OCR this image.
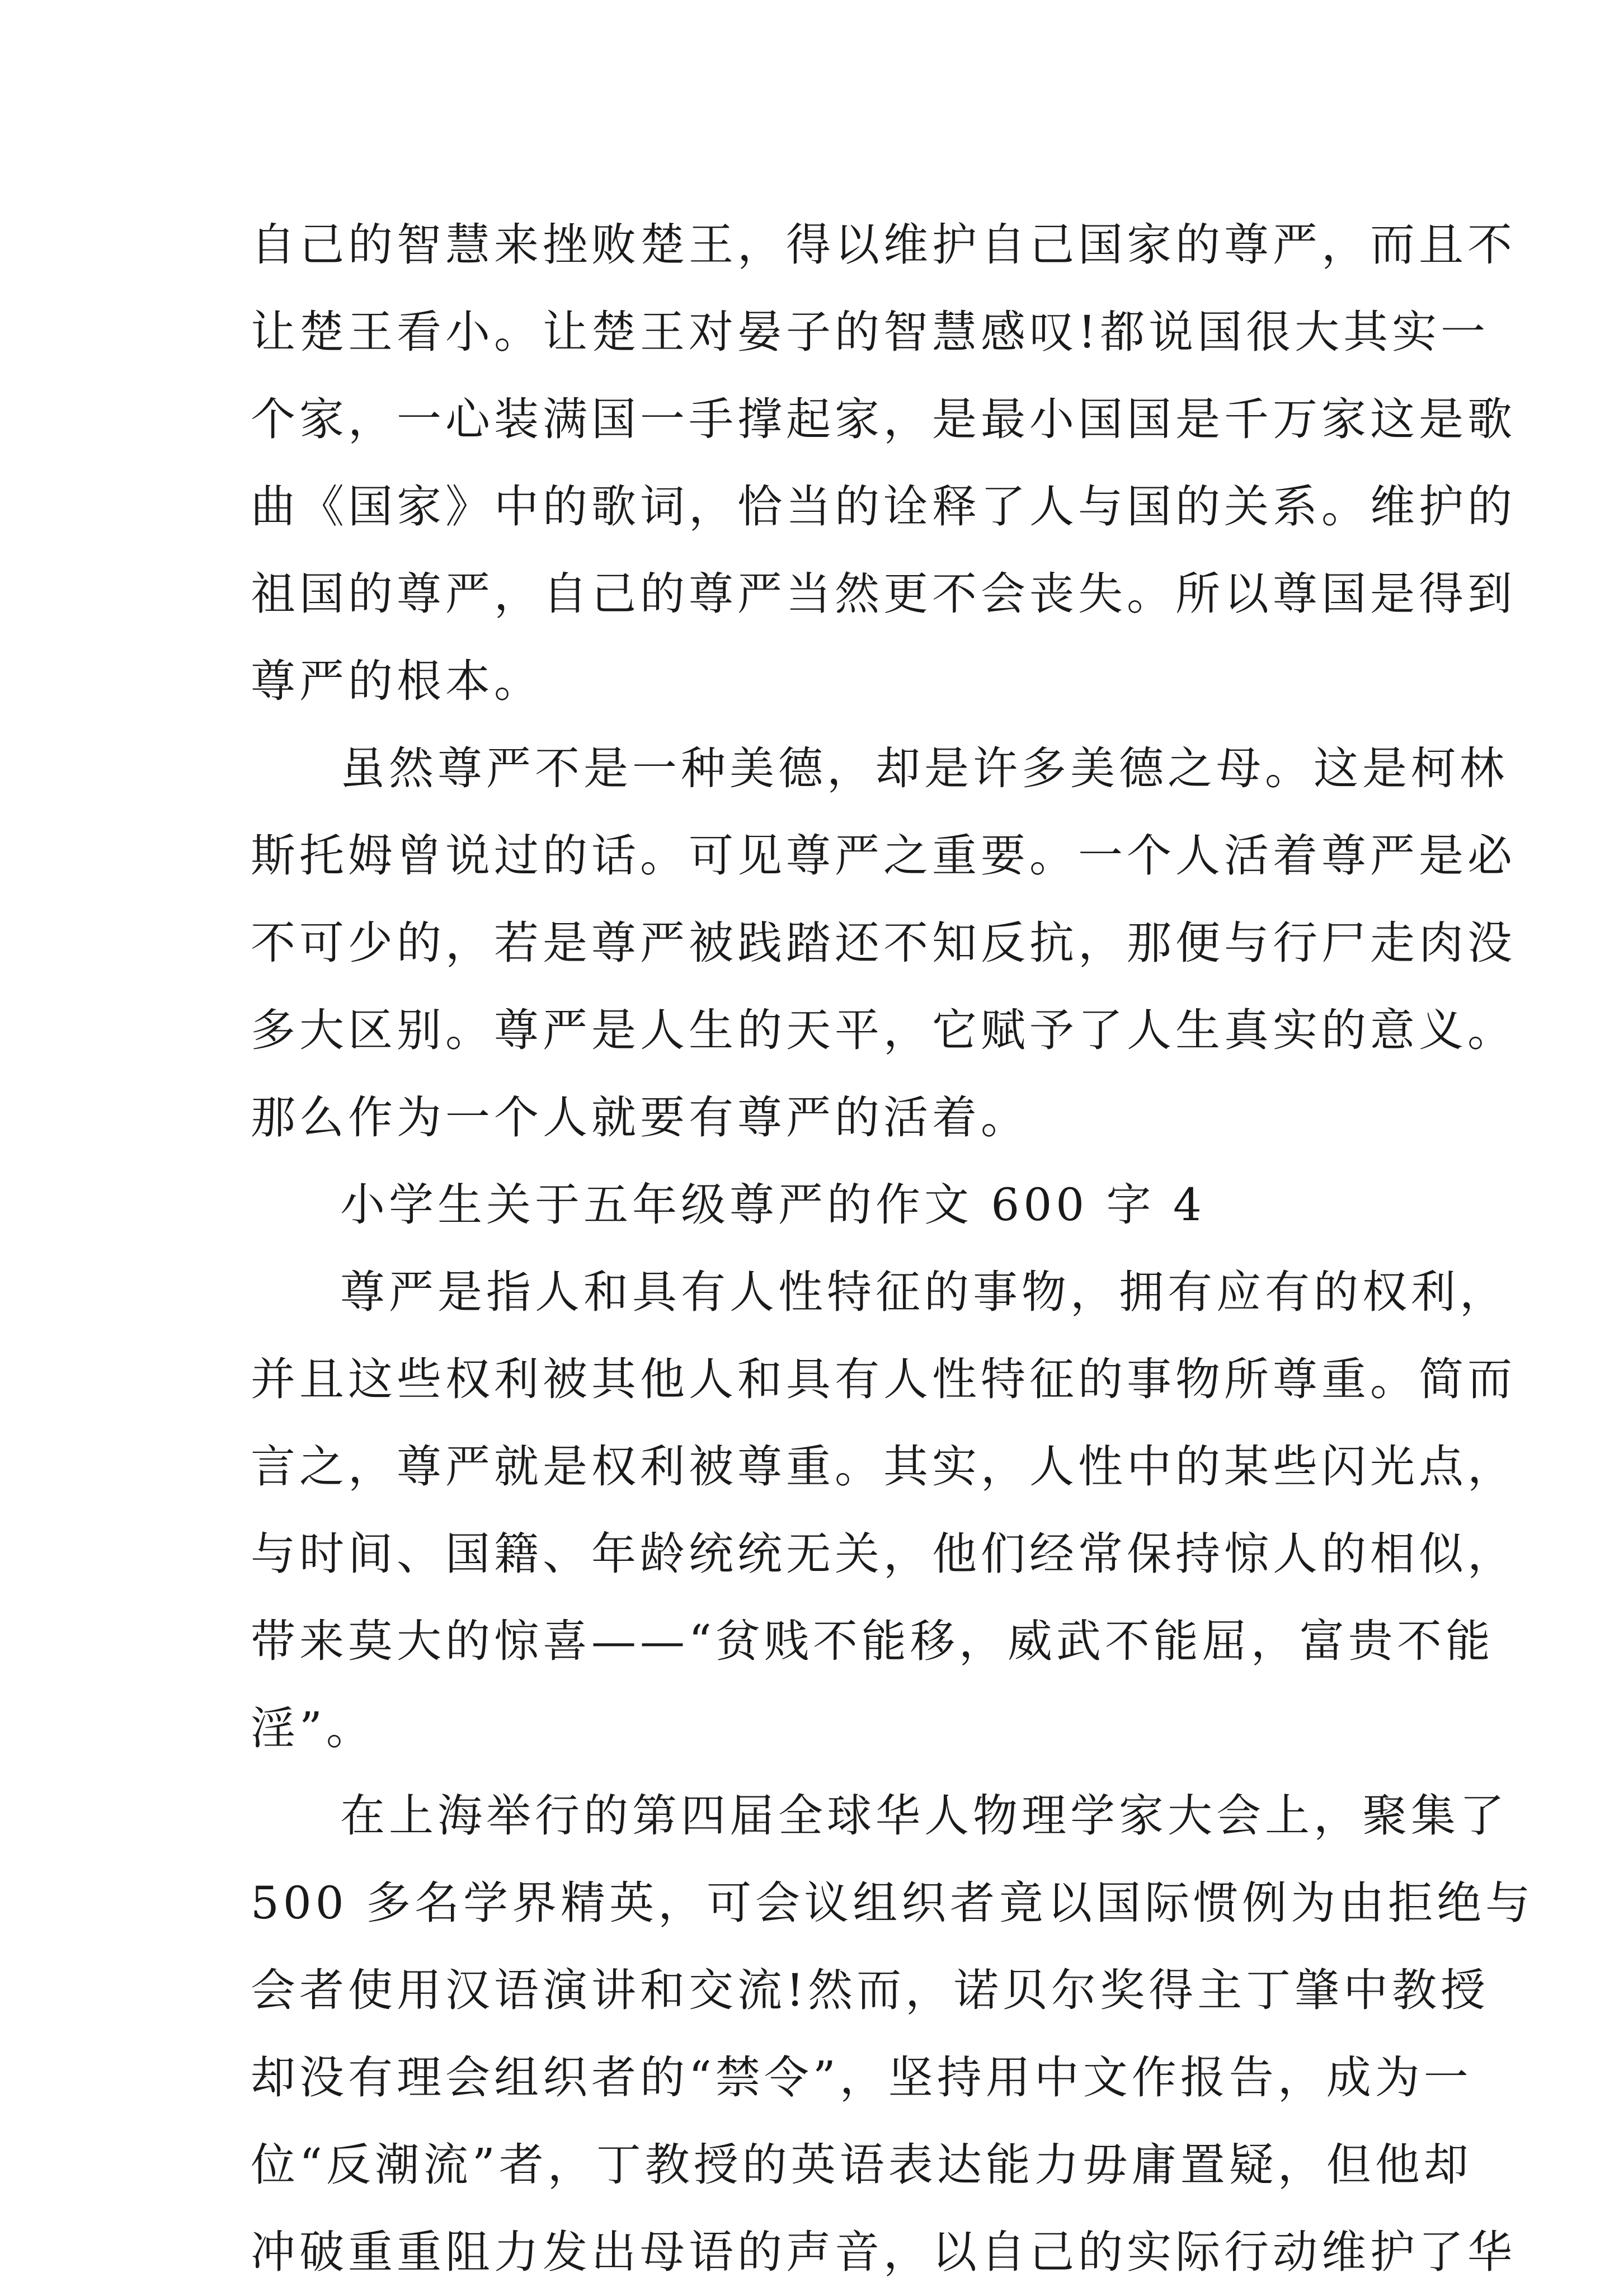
自己的智慧来挫败楚王，得以维护自己国家的尊严，而且不
让楚王看小。让楚王对晏子的智慧感叹!都说国很大其实一
个家，一心装满国一手撑起家，是最小国国是千万家这是歌
曲《国家》中的歌词，恰当的诠释了人与国的关系。维护的
祖国的尊严，自己的尊严当然更不会丧失。所以尊国是得到
尊严的根本。
虽然尊严不是一种美德，却是许多美德之母。这是柯林
斯托姆曾说过的话。可见尊严之重要。一个人活着尊严是必
不可少的，若是尊严被践踏还不知反抗，那便与行尸走肉没
多大区别。尊严是人生的天平，它赋予了人生真实的意义。
那么作为一个人就要有尊严的活着。
小学生关于五年级尊严的作文 600 字 4
尊严是指人和具有人性特征的事物，拥有应有的权利，
并且这些权利被其他人和具有人性特征的事物所尊重。简而
言之，尊严就是权利被尊重。其实，人性中的某些闪光点，
与时间、国籍、年龄统统无关，他们经常保持惊人的相似，
带来莫大的惊喜——“贫贱不能移，威武不能屈，富贵不能
淫”。
在上海举行的第四届全球华人物理学家大会上，聚集了
500 多名学界精英，可会议组织者竟以国际惯例为由拒绝与
会者使用汉语演讲和交流!然而，诺贝尔奖得主丁肇中教授
却没有理会组织者的“禁令”，坚持用中文作报告，成为一
位“反潮流”者，丁教授的英语表达能力毋庸置疑，但他却
冲破重重阻力发出母语的声音，以自己的实际行动维护了华
